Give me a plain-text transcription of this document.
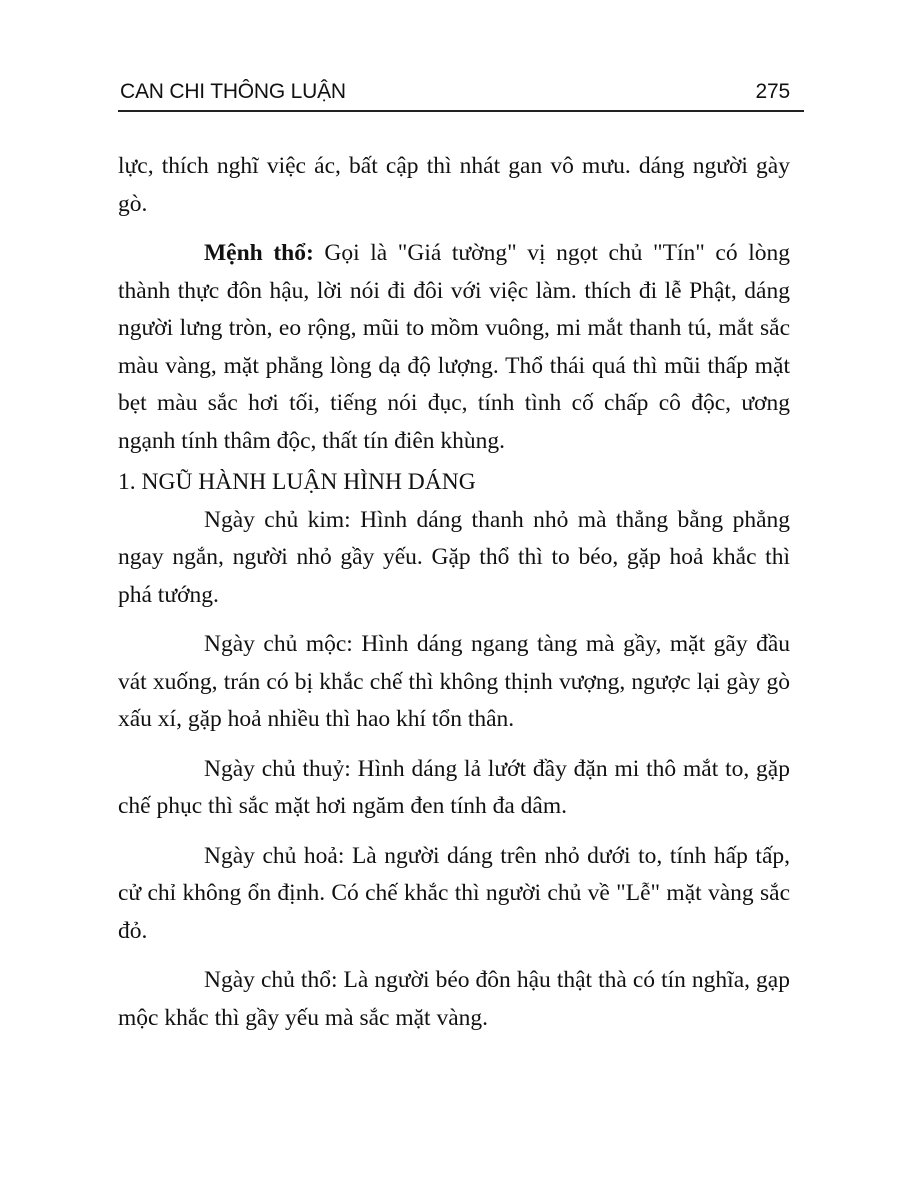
CAN CHI THÔNG LUẬN	275

lực, thích nghĩ việc ác, bất cập thì nhát gan vô mưu. dáng người gày gò.

Mệnh thổ: Gọi là "Giá tường" vị ngọt chủ "Tín" có lòng thành thực đôn hậu, lời nói đi đôi với việc làm. thích đi lễ Phật, dáng người lưng tròn, eo rộng, mũi to mồm vuông, mi mắt thanh tú, mắt sắc màu vàng, mặt phẳng lòng dạ độ lượng. Thổ thái quá thì mũi thấp mặt bẹt màu sắc hơi tối, tiếng nói đục, tính tình cố chấp cô độc, ương ngạnh tính thâm độc, thất tín điên khùng.

1. NGŨ HÀNH LUẬN HÌNH DÁNG

Ngày chủ kim: Hình dáng thanh nhỏ mà thẳng bằng phẳng ngay ngắn, người nhỏ gầy yếu. Gặp thổ thì to béo, gặp hoả khắc thì phá tướng.

Ngày chủ mộc: Hình dáng ngang tàng mà gầy, mặt gãy đầu vát xuống, trán có bị khắc chế thì không thịnh vượng, ngược lại gày gò xấu xí, gặp hoả nhiều thì hao khí tổn thân.

Ngày chủ thuỷ: Hình dáng lả lướt đầy đặn mi thô mắt to, gặp chế phục thì sắc mặt hơi ngăm đen tính đa dâm.

Ngày chủ hoả: Là người dáng trên nhỏ dưới to, tính hấp tấp, cử chỉ không ổn định. Có chế khắc thì người chủ về "Lễ" mặt vàng sắc đỏ.

Ngày chủ thổ: Là người béo đôn hậu thật thà có tín nghĩa, gạp mộc khắc thì gầy yếu mà sắc mặt vàng.
